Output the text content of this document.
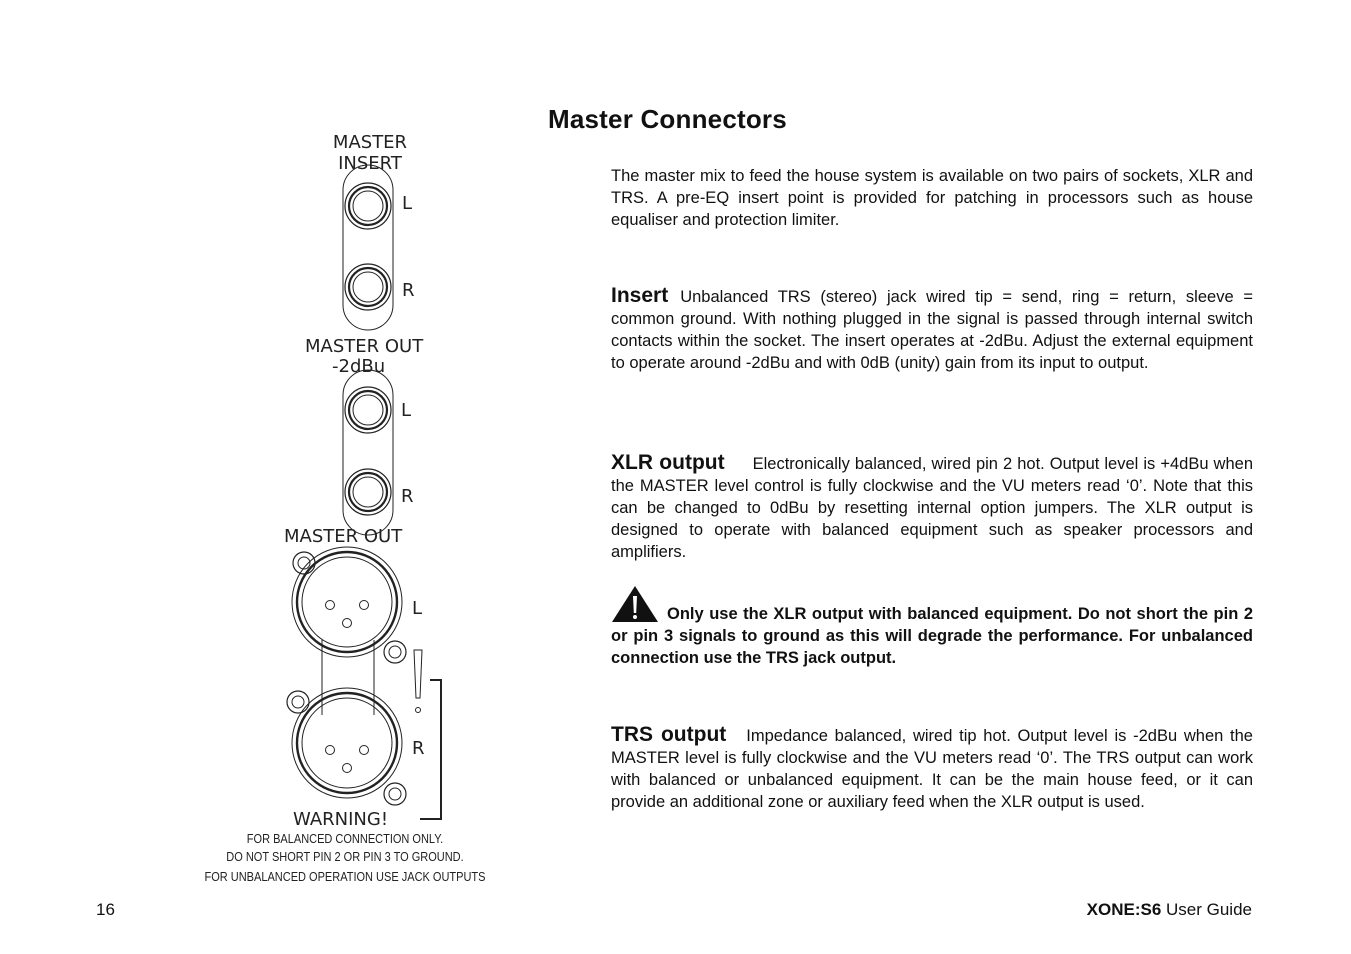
MASTER
INSERT
L
R
MASTER OUT
-2dBu
L
R
MASTER OUT
L
R
WARNING!
FOR BALANCED CONNECTION ONLY.
DO NOT SHORT PIN 2 OR PIN 3 TO GROUND.
FOR UNBALANCED OPERATION USE JACK OUTPUTS
Master Connectors
The master mix to feed the house system is available on two pairs of sockets, XLR and TRS. A pre-EQ insert point is provided for patching in processors such as house equaliser and protection limiter.
Insert Unbalanced TRS (stereo) jack wired tip = send, ring = return, sleeve = common ground. With nothing plugged in the signal is passed through internal switch contacts within the socket. The insert operates at -2dBu. Adjust the external equipment to operate around -2dBu and with 0dB (unity) gain from its input to output.
XLR output Electronically balanced, wired pin 2 hot. Output level is +4dBu when the MASTER level control is fully clockwise and the VU meters read ‘0’. Note that this can be changed to 0dBu by resetting internal option jumpers. The XLR output is designed to operate with balanced equipment such as speaker processors and amplifiers.
Only use the XLR output with balanced equipment. Do not short the pin 2 or pin 3 signals to ground as this will degrade the performance. For unbalanced connection use the TRS jack output.
TRS output Impedance balanced, wired tip hot. Output level is -2dBu when the MASTER level is fully clockwise and the VU meters read ‘0’. The TRS output can work with balanced or unbalanced equipment. It can be the main house feed, or it can provide an additional zone or auxiliary feed when the XLR output is used.
16	XONE:S6 User Guide
